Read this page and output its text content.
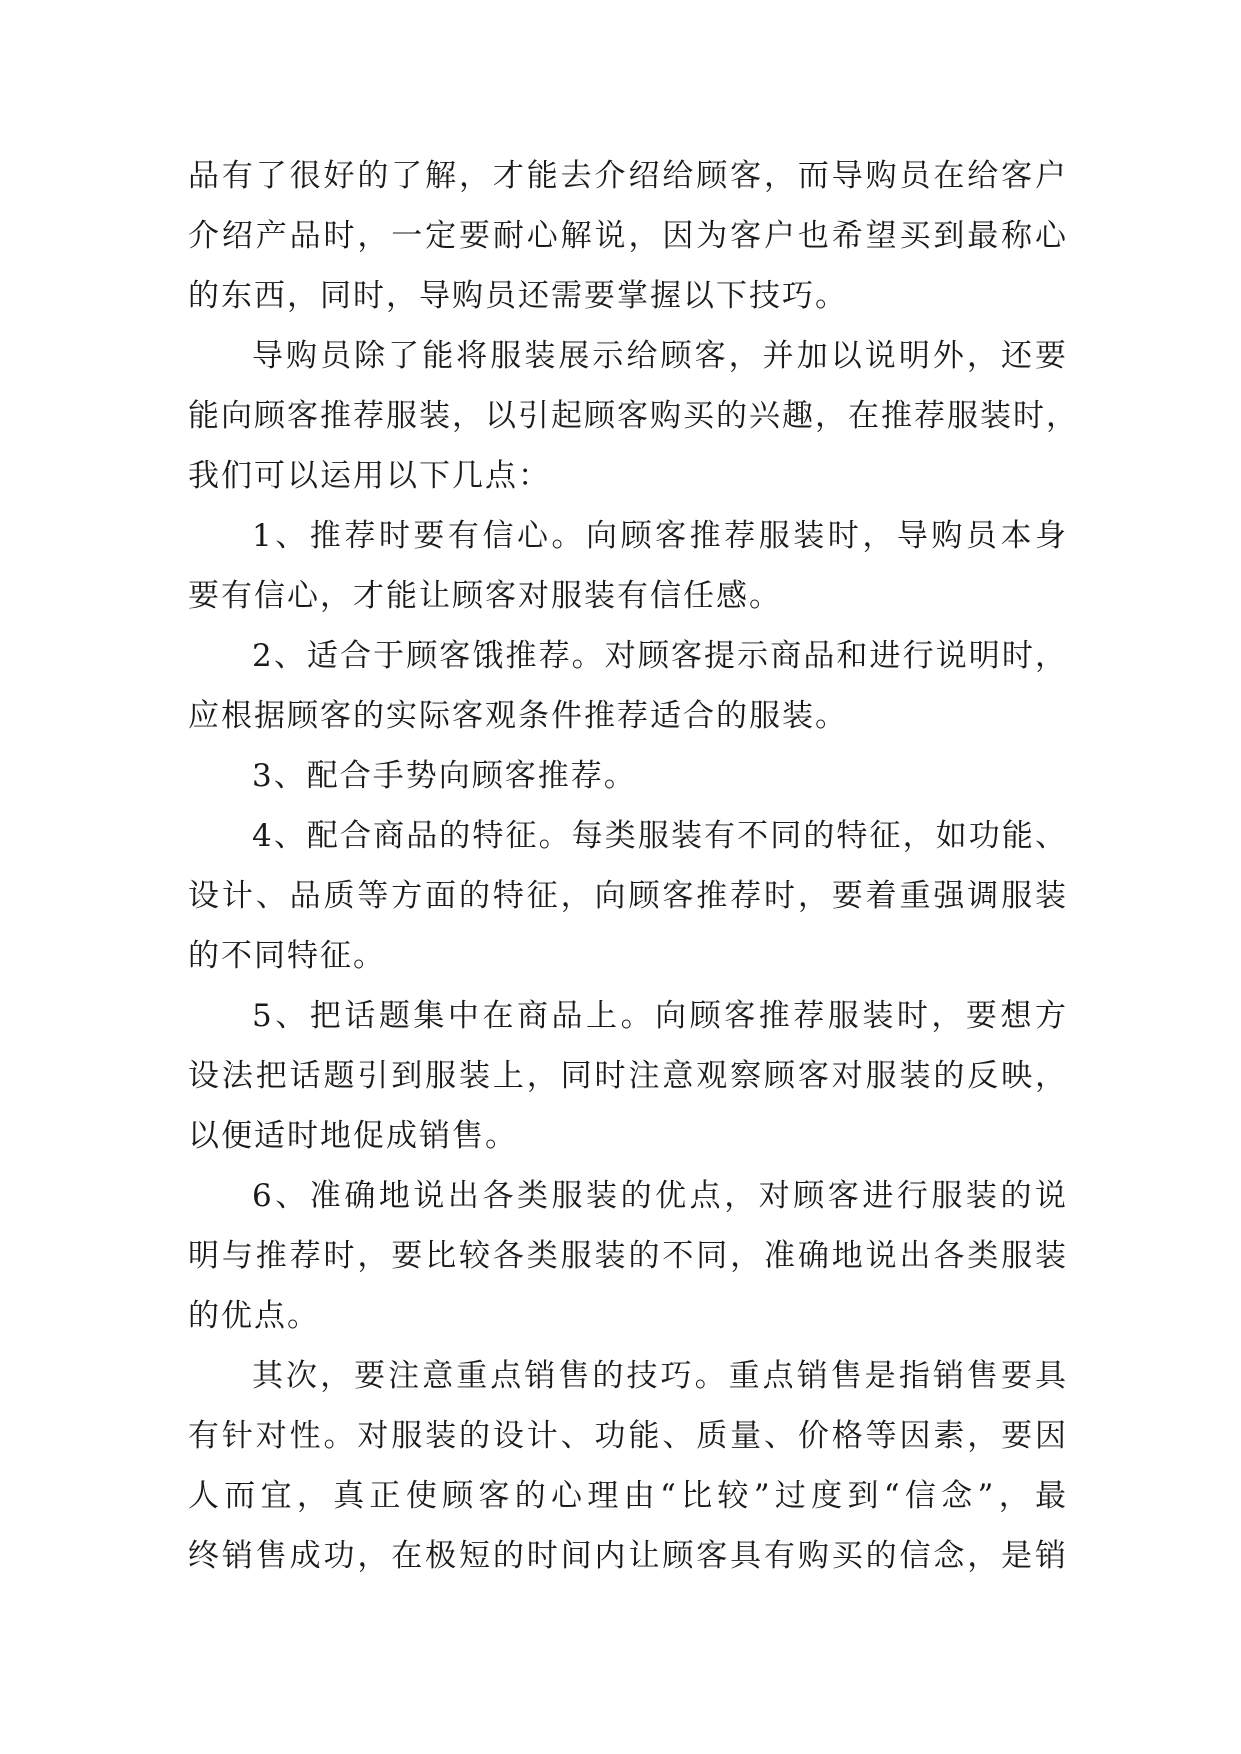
品有了很好的了解，才能去介绍给顾客，而导购员在给客户
介绍产品时，一定要耐心解说，因为客户也希望买到最称心
的东西，同时，导购员还需要掌握以下技巧。
导购员除了能将服装展示给顾客，并加以说明外，还要
能向顾客推荐服装，以引起顾客购买的兴趣，在推荐服装时，
我们可以运用以下几点：
1、推荐时要有信心。向顾客推荐服装时，导购员本身
要有信心，才能让顾客对服装有信任感。
2、适合于顾客饿推荐。对顾客提示商品和进行说明时，
应根据顾客的实际客观条件推荐适合的服装。
3、配合手势向顾客推荐。
4、配合商品的特征。每类服装有不同的特征，如功能、
设计、品质等方面的特征，向顾客推荐时，要着重强调服装
的不同特征。
5、把话题集中在商品上。向顾客推荐服装时，要想方
设法把话题引到服装上，同时注意观察顾客对服装的反映，
以便适时地促成销售。
6、准确地说出各类服装的优点，对顾客进行服装的说
明与推荐时，要比较各类服装的不同，准确地说出各类服装
的优点。
其次，要注意重点销售的技巧。重点销售是指销售要具
有针对性。对服装的设计、功能、质量、价格等因素，要因
人而宜，真正使顾客的心理由“比较”过度到“信念”，最
终销售成功，在极短的时间内让顾客具有购买的信念，是销
